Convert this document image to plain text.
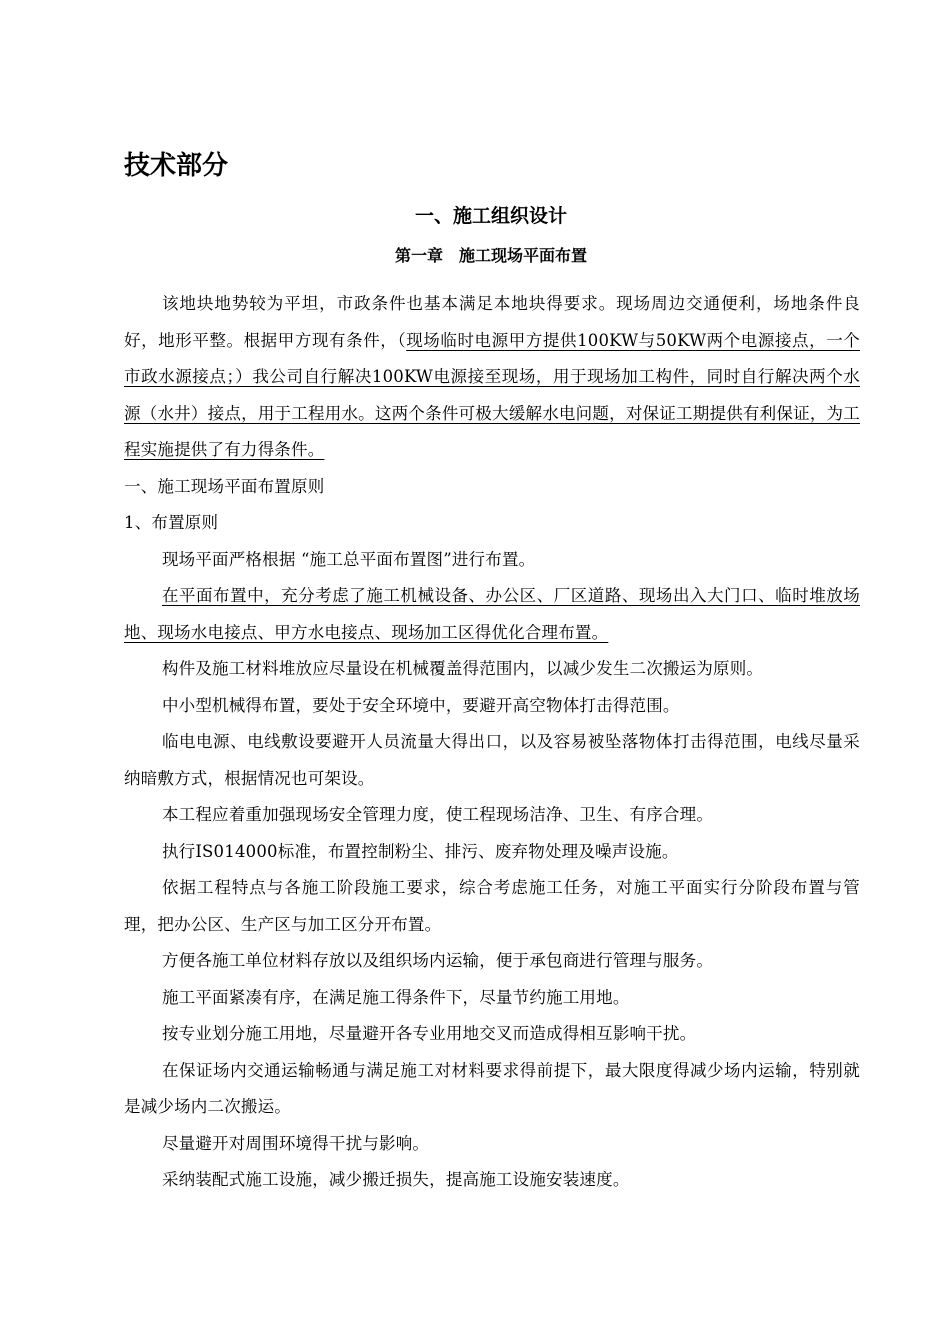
技术部分
一、施工组织设计
第一章　施工现场平面布置

该地块地势较为平坦，市政条件也基本满足本地块得要求。现场周边交通便利，场地条件良好，地形平整。根据甲方现有条件，（现场临时电源甲方提供100KW与50KW两个电源接点，一个市政水源接点；）我公司自行解决100KW电源接至现场，用于现场加工构件，同时自行解决两个水源（水井）接点，用于工程用水。这两个条件可极大缓解水电问题，对保证工期提供有利保证，为工程实施提供了有力得条件。

一、施工现场平面布置原则

1、布置原则

现场平面严格根据 “施工总平面布置图”进行布置。

在平面布置中，充分考虑了施工机械设备、办公区、厂区道路、现场出入大门口、临时堆放场地、现场水电接点、甲方水电接点、现场加工区得优化合理布置。

构件及施工材料堆放应尽量设在机械覆盖得范围内，以减少发生二次搬运为原则。

中小型机械得布置，要处于安全环境中，要避开高空物体打击得范围。

临电电源、电线敷设要避开人员流量大得出口，以及容易被坠落物体打击得范围，电线尽量采纳暗敷方式，根据情况也可架设。

本工程应着重加强现场安全管理力度，使工程现场洁净、卫生、有序合理。

执行IS014000标准，布置控制粉尘、排污、废弃物处理及噪声设施。

依据工程特点与各施工阶段施工要求，综合考虑施工任务，对施工平面实行分阶段布置与管理，把办公区、生产区与加工区分开布置。

方便各施工单位材料存放以及组织场内运输，便于承包商进行管理与服务。

施工平面紧凑有序，在满足施工得条件下，尽量节约施工用地。

按专业划分施工用地，尽量避开各专业用地交叉而造成得相互影响干扰。

在保证场内交通运输畅通与满足施工对材料要求得前提下，最大限度得减少场内运输，特别就是减少场内二次搬运。

尽量避开对周围环境得干扰与影响。

采纳装配式施工设施，减少搬迁损失，提高施工设施安装速度。
